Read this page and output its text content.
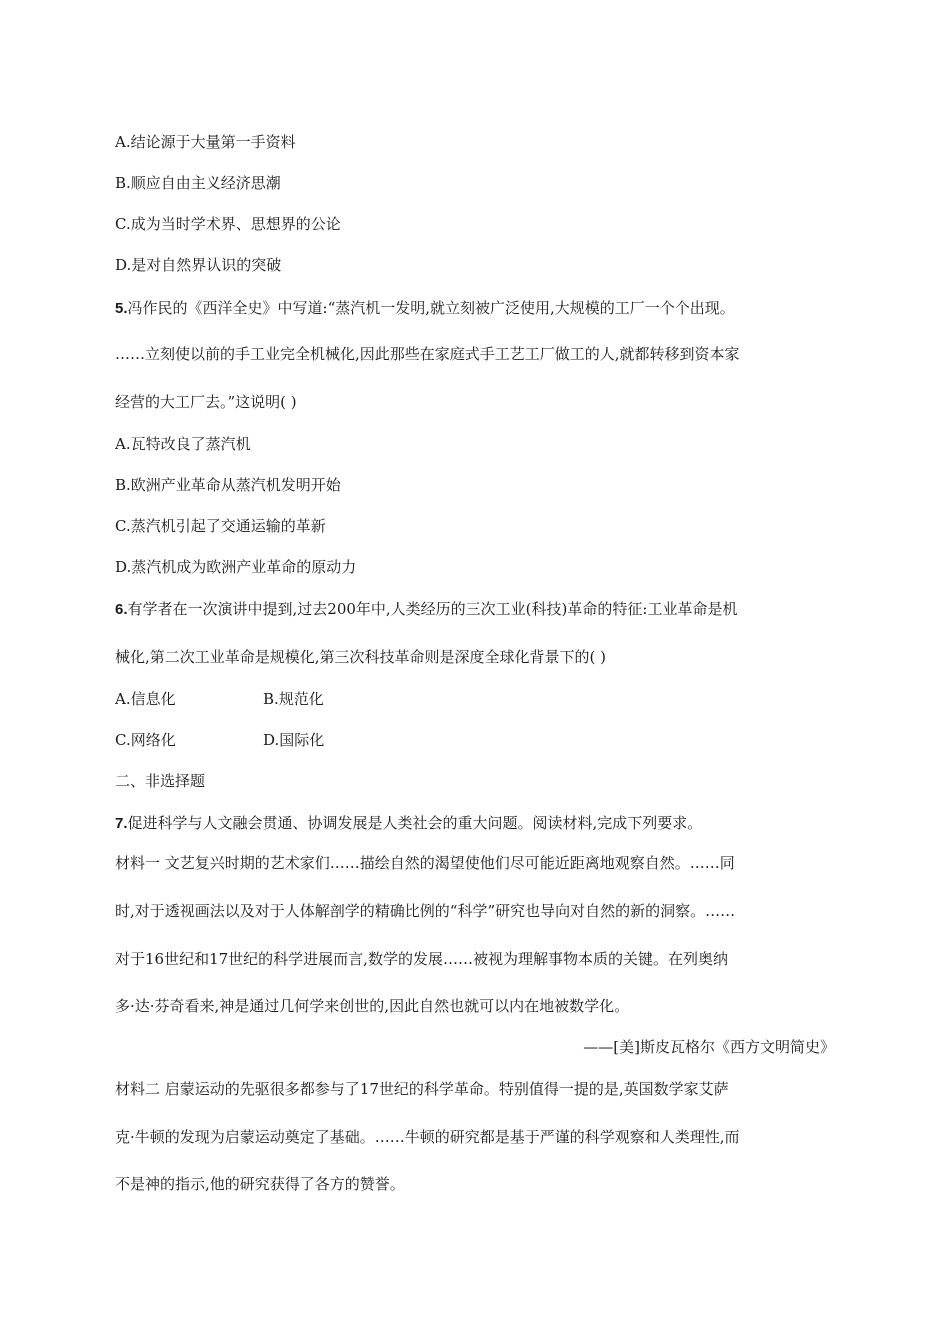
A.结论源于大量第一手资料
B.顺应自由主义经济思潮
C.成为当时学术界、思想界的公论
D.是对自然界认识的突破
5.冯作民的《西洋全史》中写道:“蒸汽机一发明,就立刻被广泛使用,大规模的工厂一个个出现。
……立刻使以前的手工业完全机械化,因此那些在家庭式手工艺工厂做工的人,就都转移到资本家
经营的大工厂去。”这说明( )
A.瓦特改良了蒸汽机
B.欧洲产业革命从蒸汽机发明开始
C.蒸汽机引起了交通运输的革新
D.蒸汽机成为欧洲产业革命的原动力
6.有学者在一次演讲中提到,过去200年中,人类经历的三次工业(科技)革命的特征:工业革命是机
械化,第二次工业革命是规模化,第三次科技革命则是深度全球化背景下的( )
A.信息化	B.规范化
C.网络化	D.国际化
二、非选择题
7.促进科学与人文融会贯通、协调发展是人类社会的重大问题。阅读材料,完成下列要求。
材料一 文艺复兴时期的艺术家们……描绘自然的渴望使他们尽可能近距离地观察自然。……同
时,对于透视画法以及对于人体解剖学的精确比例的“科学”研究也导向对自然的新的洞察。……
对于16世纪和17世纪的科学进展而言,数学的发展……被视为理解事物本质的关键。在列奥纳
多·达·芬奇看来,神是通过几何学来创世的,因此自然也就可以内在地被数学化。
——[美]斯皮瓦格尔《西方文明简史》
材料二 启蒙运动的先驱很多都参与了17世纪的科学革命。特别值得一提的是,英国数学家艾萨
克·牛顿的发现为启蒙运动奠定了基础。……牛顿的研究都是基于严谨的科学观察和人类理性,而
不是神的指示,他的研究获得了各方的赞誉。
